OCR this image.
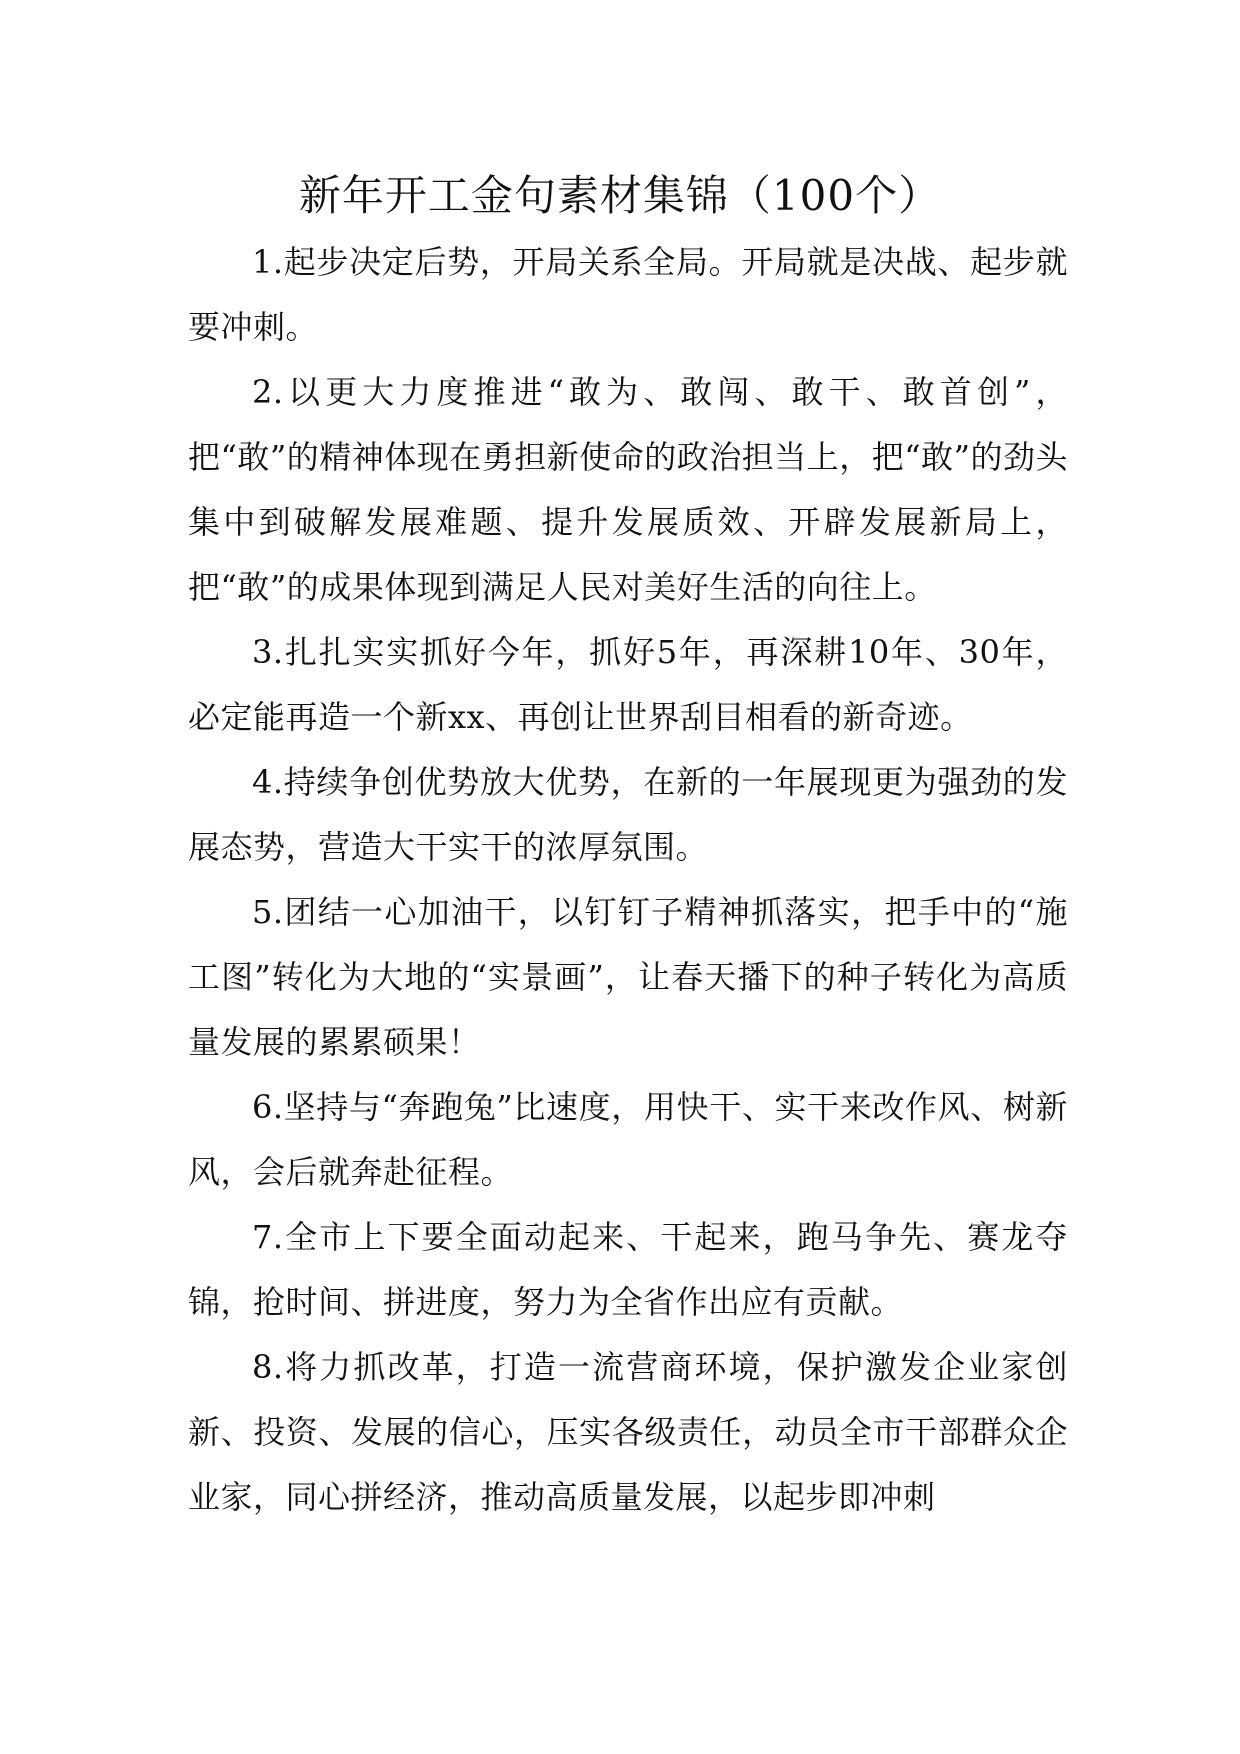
新年开工金句素材集锦（100个）

1.起步决定后势，开局关系全局。开局就是决战、起步就要冲刺。

2.以更大力度推进“敢为、敢闯、敢干、敢首创”，把“敢”的精神体现在勇担新使命的政治担当上，把“敢”的劲头集中到破解发展难题、提升发展质效、开辟发展新局上，把“敢”的成果体现到满足人民对美好生活的向往上。

3.扎扎实实抓好今年，抓好5年，再深耕10年、30年，必定能再造一个新xx、再创让世界刮目相看的新奇迹。

4.持续争创优势放大优势，在新的一年展现更为强劲的发展态势，营造大干实干的浓厚氛围。

5.团结一心加油干，以钉钉子精神抓落实，把手中的“施工图”转化为大地的“实景画”，让春天播下的种子转化为高质量发展的累累硕果！

6.坚持与“奔跑兔”比速度，用快干、实干来改作风、树新风，会后就奔赴征程。

7.全市上下要全面动起来、干起来，跑马争先、赛龙夺锦，抢时间、拼进度，努力为全省作出应有贡献。

8.将力抓改革，打造一流营商环境，保护激发企业家创新、投资、发展的信心，压实各级责任，动员全市干部群众企业家，同心拼经济，推动高质量发展，以起步即冲刺
